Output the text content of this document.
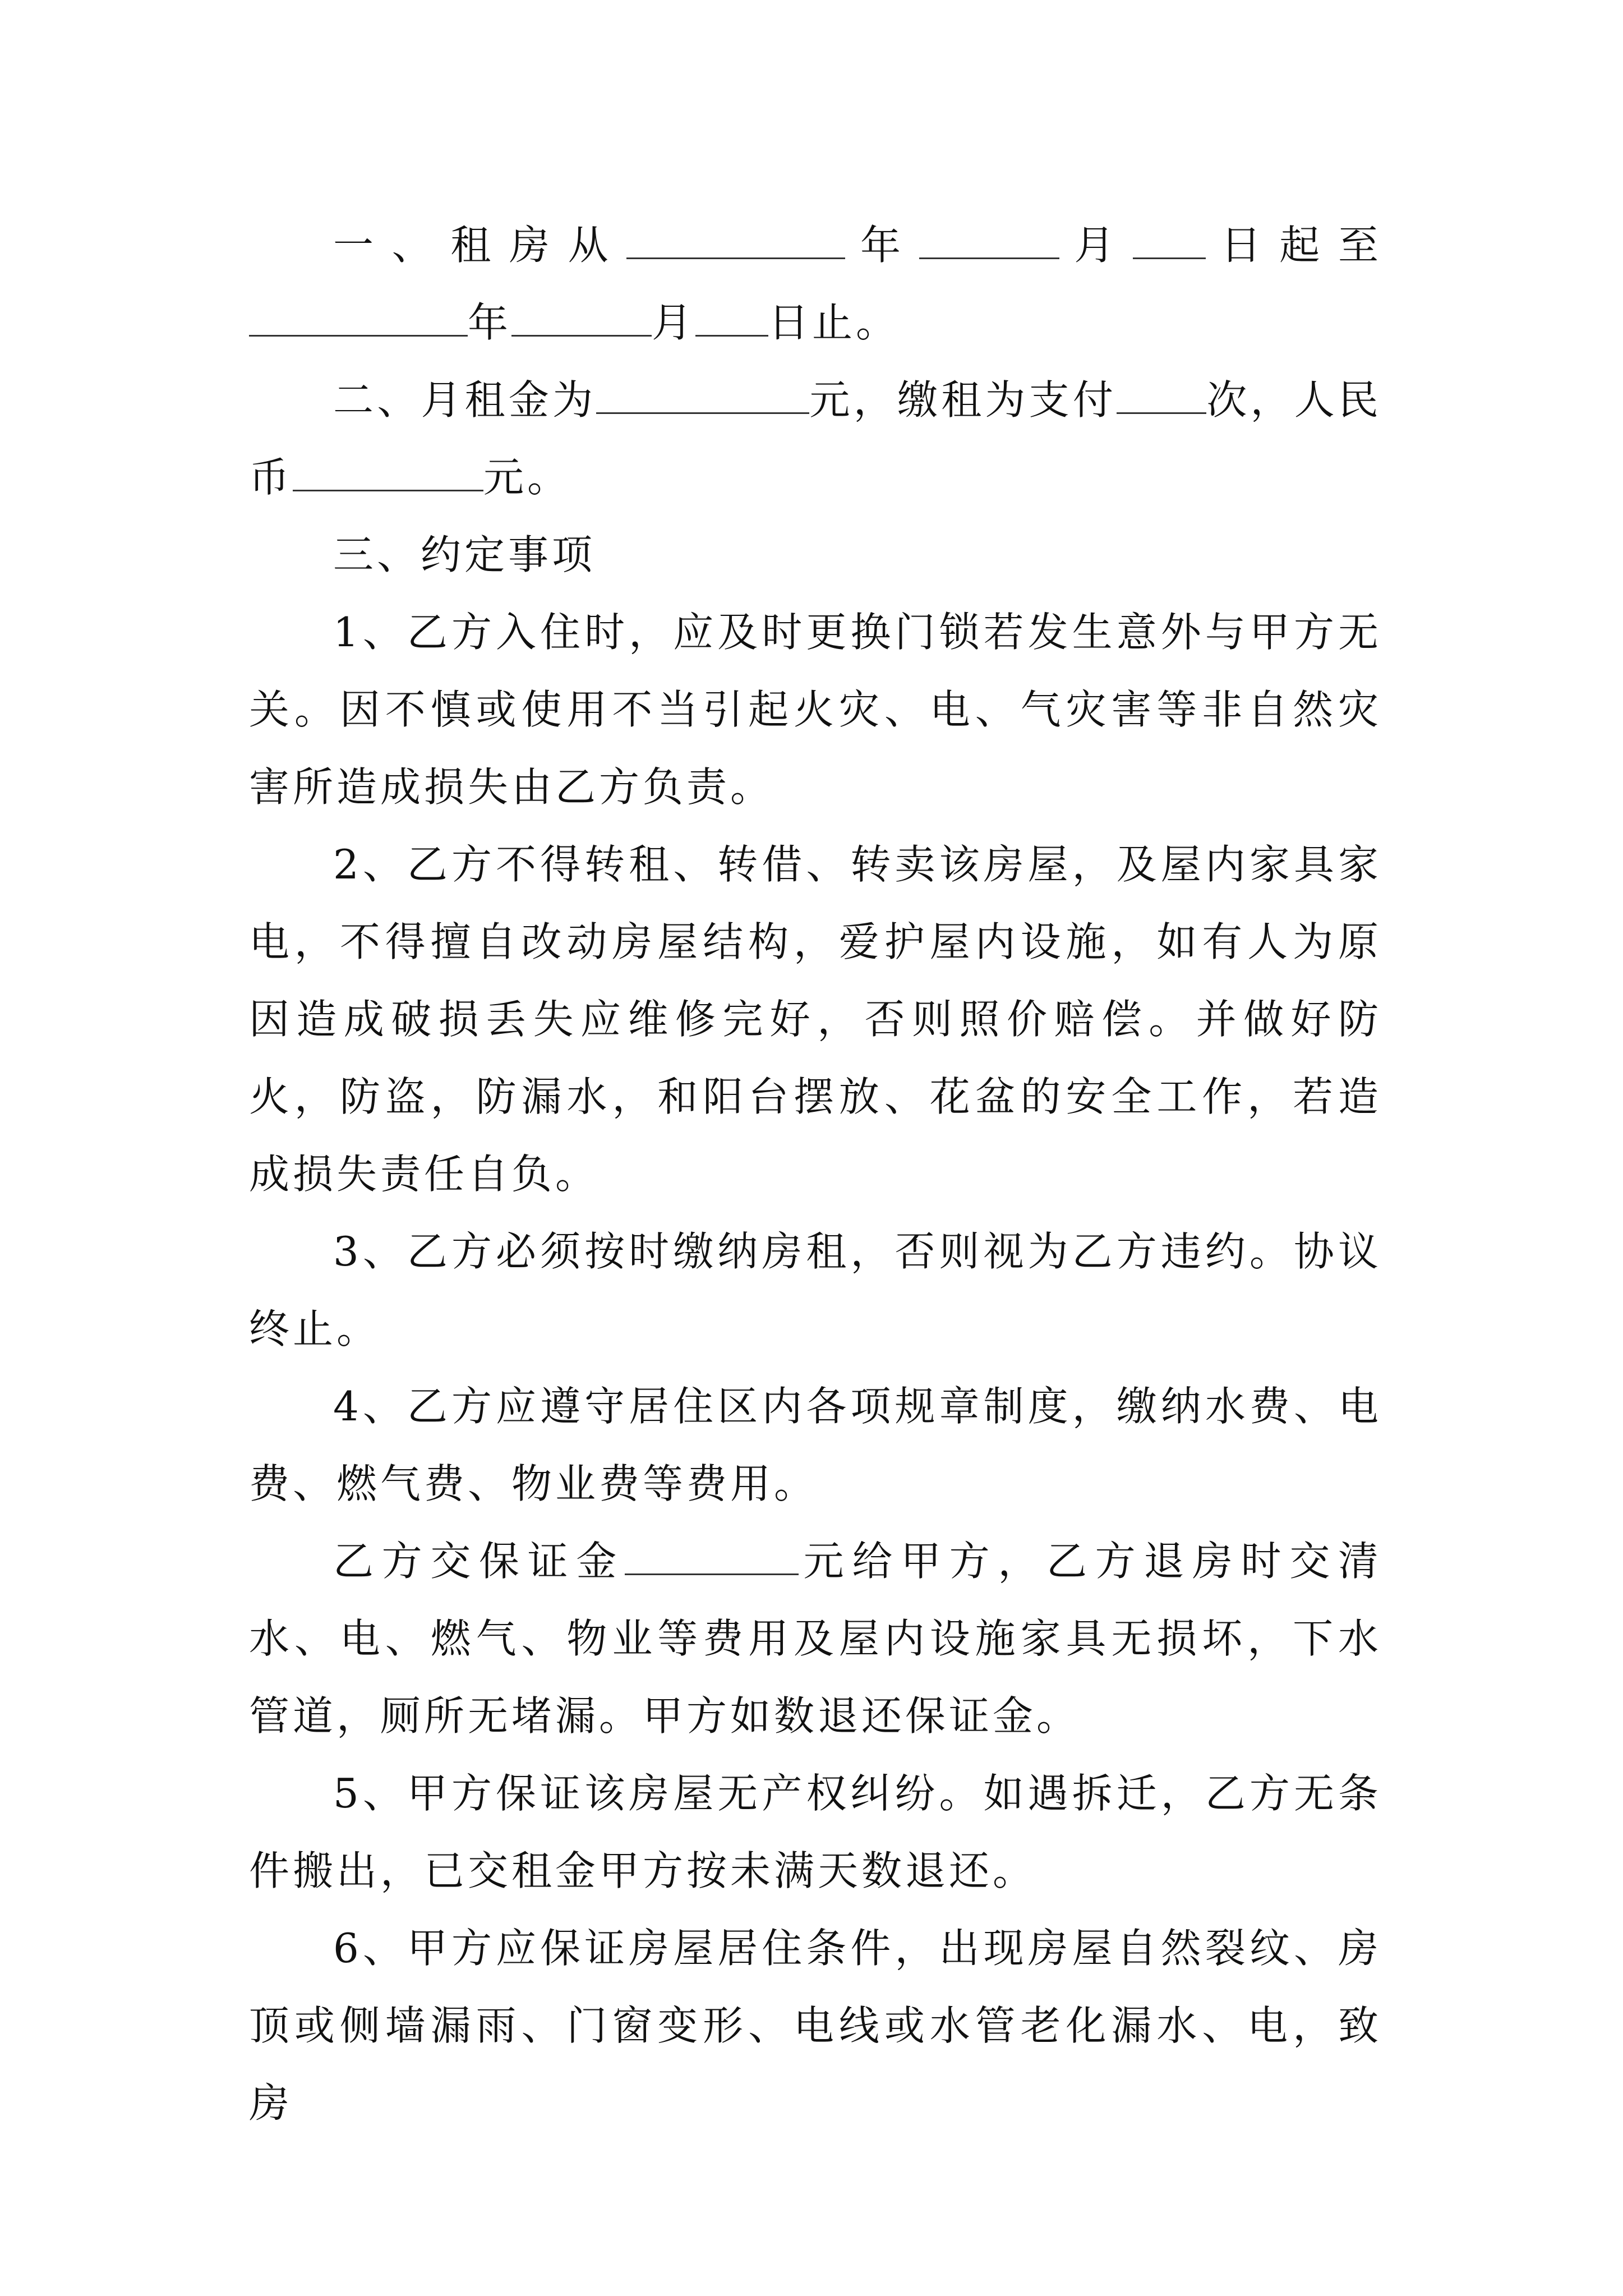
一、租房从	年	月 日起至年	月 日止。

二、月租金为	元，缴租为支付 次，人民币	元。

三、约定事项

1、乙方入住时，应及时更换门锁若发生意外与甲方无关。因不慎或使用不当引起火灾、电、气灾害等非自然灾害所造成损失由乙方负责。

2、乙方不得转租、转借、转卖该房屋，及屋内家具家电，不得擅自改动房屋结构，爱护屋内设施，如有人为原因造成破损丢失应维修完好，否则照价赔偿。并做好防火，防盗，防漏水，和阳台摆放、花盆的安全工作，若造成损失责任自负。

3、乙方必须按时缴纳房租，否则视为乙方违约。协议终止。

4、乙方应遵守居住区内各项规章制度，缴纳水费、电费、燃气费、物业费等费用。

乙方交保证金	元给甲方，乙方退房时交清水、电、燃气、物业等费用及屋内设施家具无损坏，下水管道，厕所无堵漏。甲方如数退还保证金。

5、甲方保证该房屋无产权纠纷。如遇拆迁，乙方无条件搬出，已交租金甲方按未满天数退还。

6、甲方应保证房屋居住条件，出现房屋自然裂纹、房顶或侧墙漏雨、门窗变形、电线或水管老化漏水、电，致房
